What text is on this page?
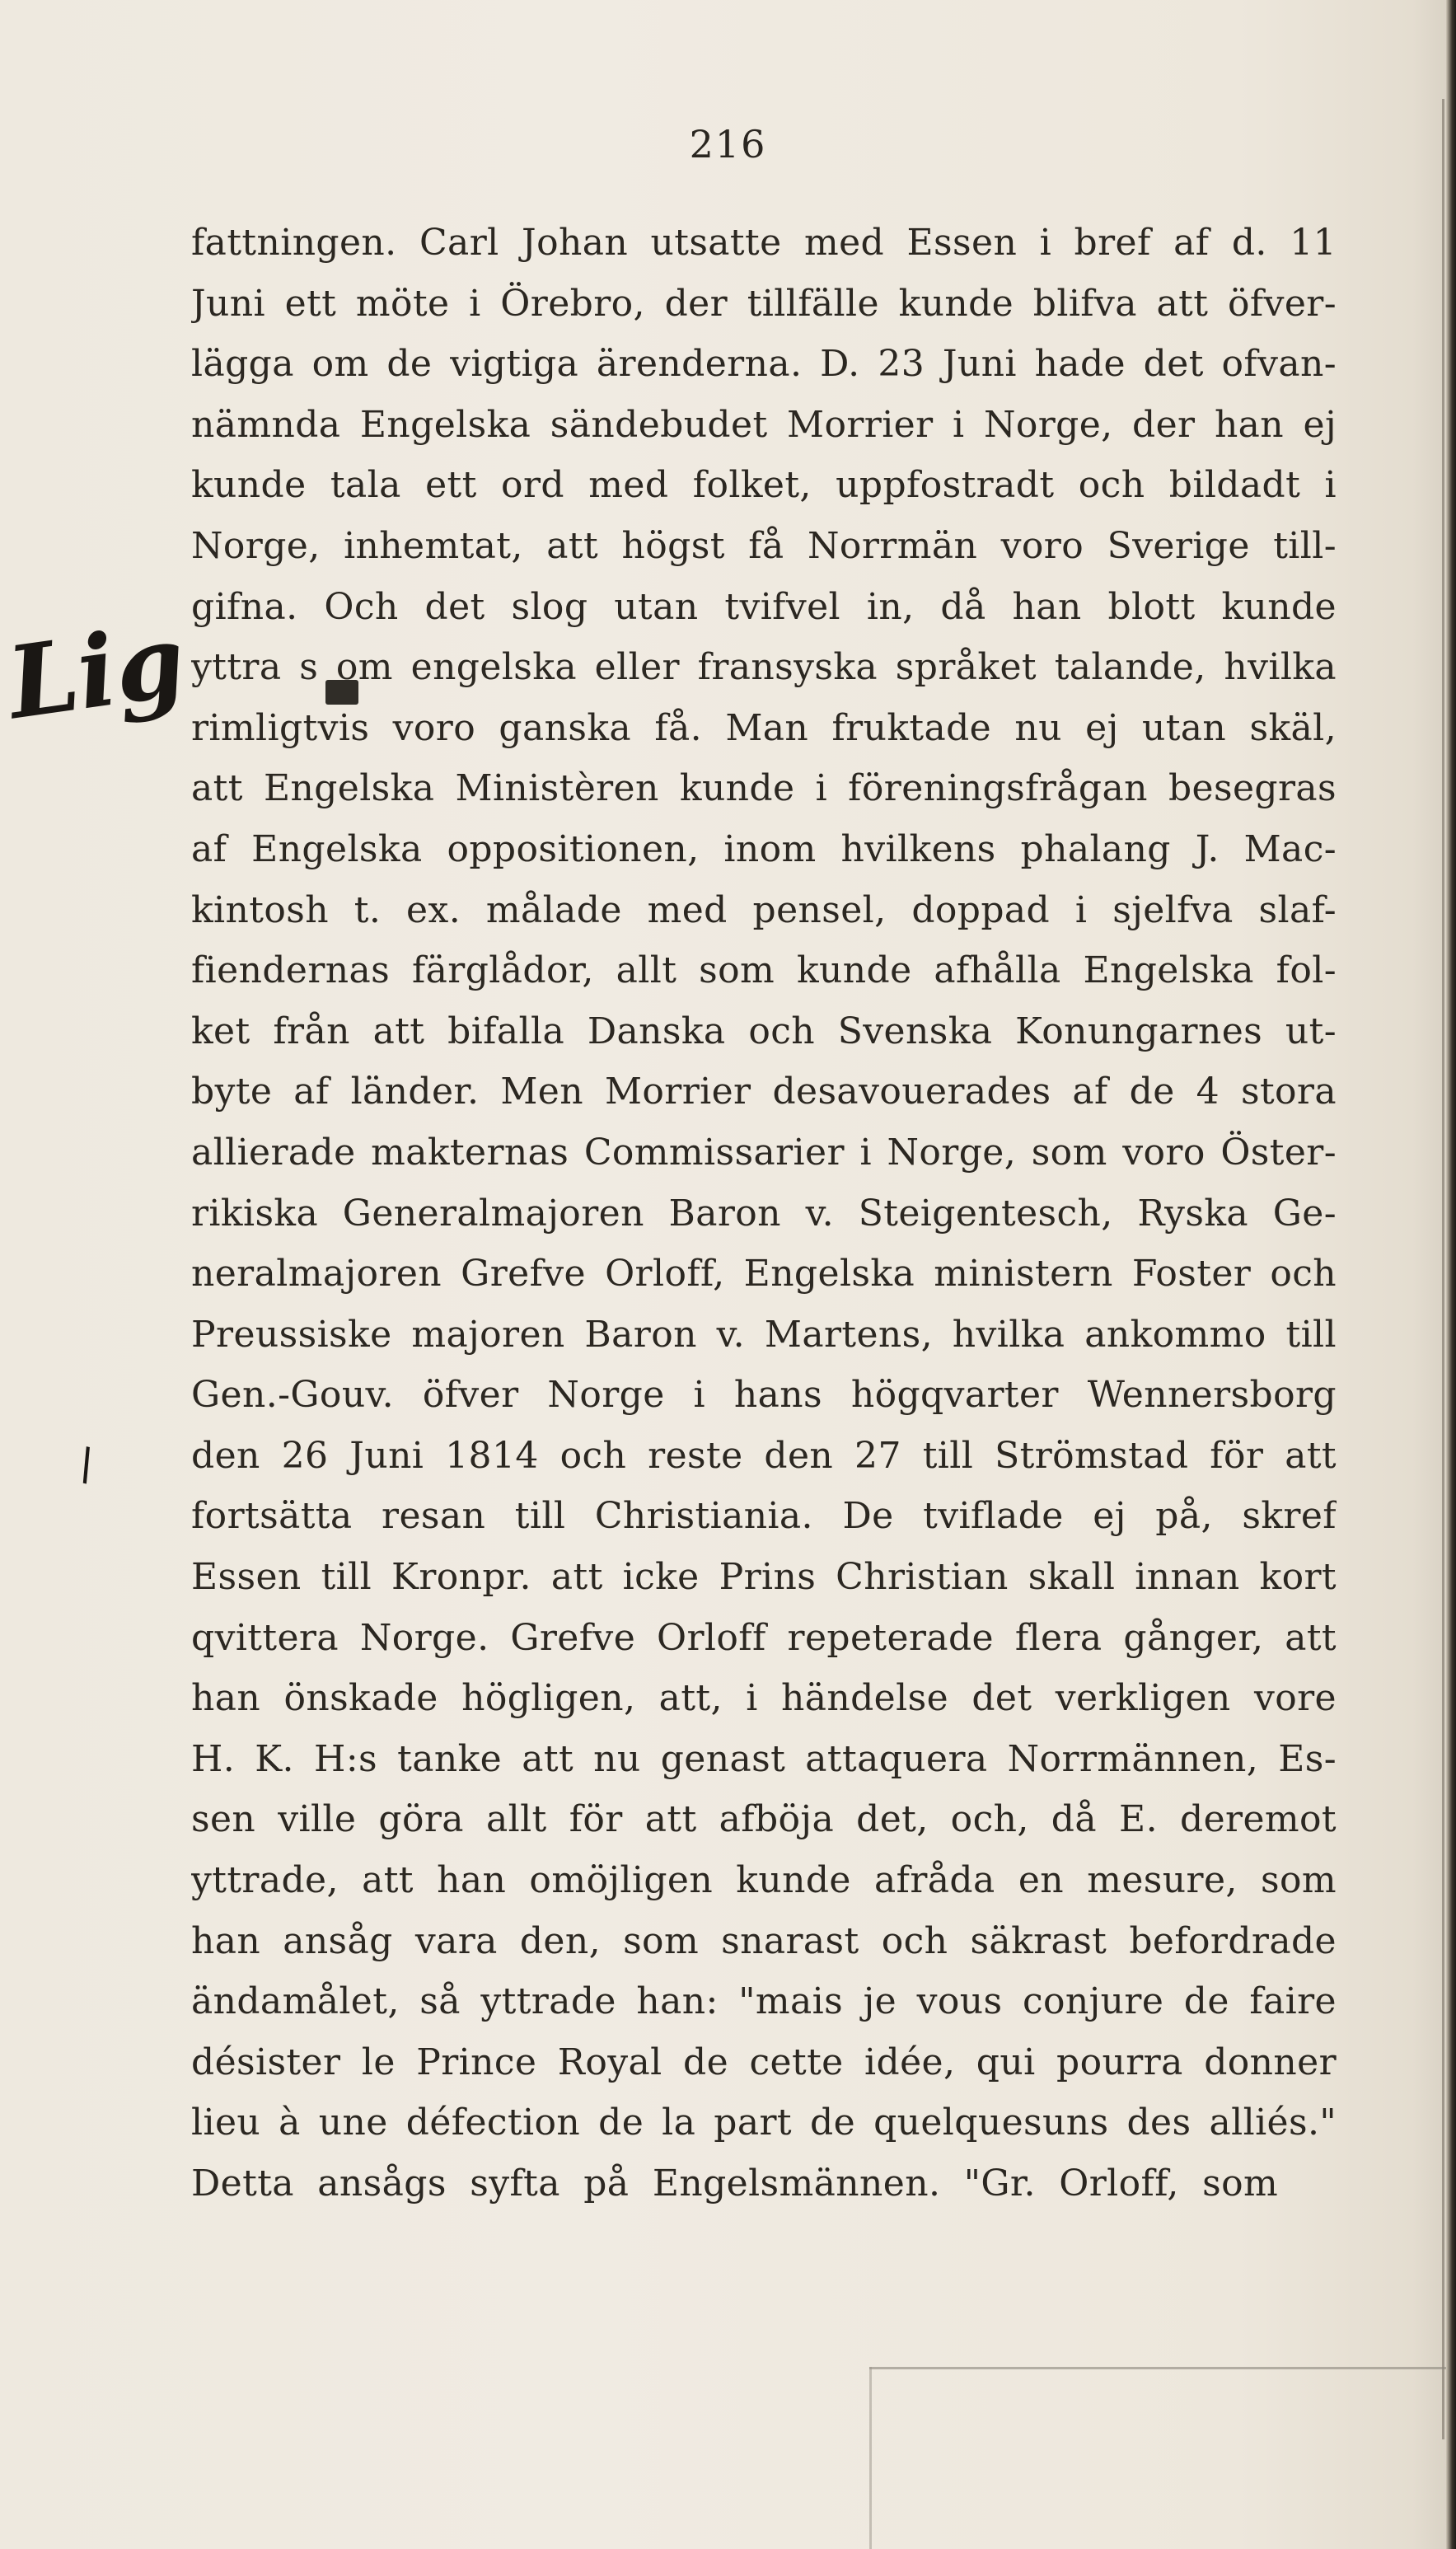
216
Lig
\
fattningen. Carl Johan utsatte med Essen i bref af d. 11
Juni ett möte i Örebro, der tillfälle kunde blifva att öfver-
lägga om de vigtiga ärenderna. D. 23 Juni hade det ofvan-
nämnda Engelska sändebudet Morrier i Norge, der han ej
kunde tala ett ord med folket, uppfostradt och bildadt i
Norge, inhemtat, att högst få Norrmän voro Sverige till-
gifna. Och det slog utan tvifvel in, då han blott kunde
yttra s om engelska eller fransyska språket talande, hvilka
rimligtvis voro ganska få. Man fruktade nu ej utan skäl,
att Engelska Ministèren kunde i föreningsfrågan besegras
af Engelska oppositionen, inom hvilkens phalang J. Mac-
kintosh t. ex. målade med pensel, doppad i sjelfva slaf-
fiendernas färglådor, allt som kunde afhålla Engelska fol-
ket från att bifalla Danska och Svenska Konungarnes ut-
byte af länder. Men Morrier desavouerades af de 4 stora
allierade makternas Commissarier i Norge, som voro Öster-
rikiska Generalmajoren Baron v. Steigentesch, Ryska Ge-
neralmajoren Grefve Orloff, Engelska ministern Foster och
Preussiske majoren Baron v. Martens, hvilka ankommo till
Gen.-Gouv. öfver Norge i hans högqvarter Wennersborg
den 26 Juni 1814 och reste den 27 till Strömstad för att
fortsätta resan till Christiania. De tviflade ej på, skref
Essen till Kronpr. att icke Prins Christian skall innan kort
qvittera Norge. Grefve Orloff repeterade flera gånger, att
han önskade högligen, att, i händelse det verkligen vore
H. K. H:s tanke att nu genast attaquera Norrmännen, Es-
sen ville göra allt för att afböja det, och, då E. deremot
yttrade, att han omöjligen kunde afråda en mesure, som
han ansåg vara den, som snarast och säkrast befordrade
ändamålet, så yttrade han: "mais je vous conjure de faire
désister le Prince Royal de cette idée, qui pourra donner
lieu à une défection de la part de quelquesuns des alliés."
Detta ansågs syfta på Engelsmännen. "Gr. Orloff, som
